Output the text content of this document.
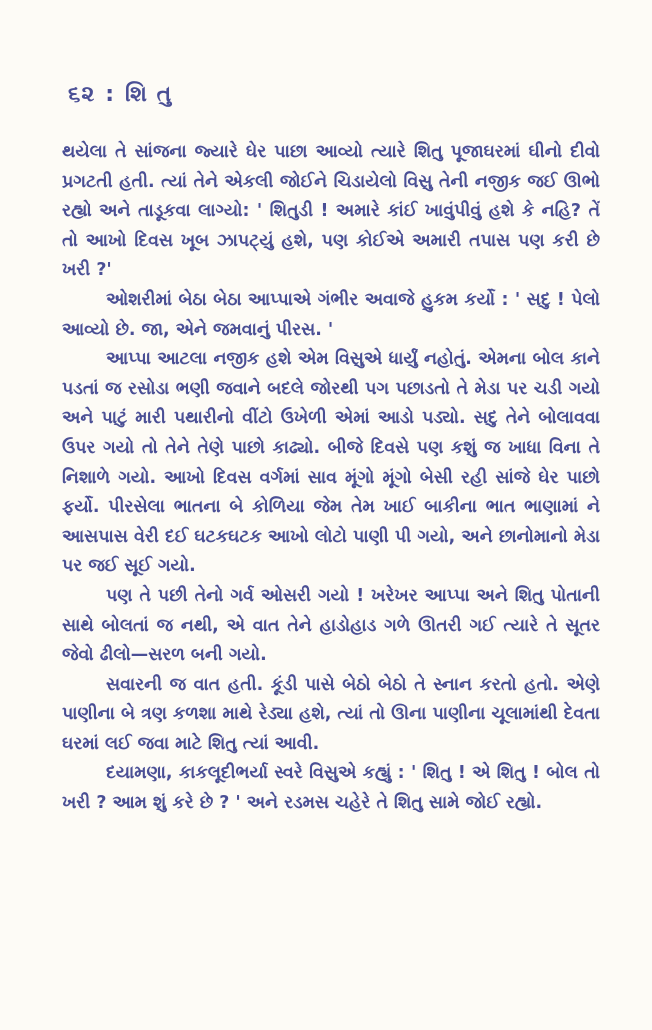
૬૨ : શિ તુ

થયેલા તે સાંજના જ્યારે ઘેર પાછા આવ્યો ત્યારે શિતુ પૂજાઘરમાં ઘીનો દીવો પ્રગટતી હતી. ત્યાં તેને એકલી જોઈને ચિડાયેલો વિસુ તેની નજીક જઈ ઊભો રહ્યો અને તાડૂકવા લાગ્યો: ' શિતુડી ! અમારે કાંઈ ખાવુંપીવું હશે કે નહિ? તેં તો આખો દિવસ ખૂબ ઝાપટ્યું હશે, પણ કોઈએ અમારી તપાસ પણ કરી છે ખરી ?'

ઓશરીમાં બેઠા બેઠા આપ્પાએ ગંભીર અવાજે હુકમ કર્યો : ' સદુ ! પેલો આવ્યો છે. જા, એને જમવાનું પીરસ. '

આપ્પા આટલા નજીક હશે એમ વિસુએ ધાર્યું નહોતું. એમના બોલ કાને પડતાં જ રસોડા ભણી જવાને બદલે જોરથી પગ પછાડતો તે મેડા પર ચડી ગયો અને પાટું મારી પથારીનો વીંટો ઉખેળી એમાં આડો પડ્યો. સદુ તેને બોલાવવા ઉપર ગયો તો તેને તેણે પાછો કાઢ્યો. બીજે દિવસે પણ કશું જ ખાધા વિના તે નિશાળે ગયો. આખો દિવસ વર્ગમાં સાવ મૂંગો મૂંગો બેસી રહી સાંજે ઘેર પાછો ફર્યો. પીરસેલા ભાતના બે કોળિયા જેમ તેમ ખાઈ બાકીના ભાત ભાણામાં ને આસપાસ વેરી દઈ ઘટકઘટક આખો લોટો પાણી પી ગયો, અને છાનોમાનો મેડા પર જઈ સૂઈ ગયો.

પણ તે પછી તેનો ગર્વ ઓસરી ગયો ! ખરેખર આપ્પા અને શિતુ પોતાની સાથે બોલતાં જ નથી, એ વાત તેને હાડોહાડ ગળે ઊતરી ગઈ ત્યારે તે સૂતર જેવો ઢીલો—સરળ બની ગયો.

સવારની જ વાત હતી. કૂંડી પાસે બેઠો બેઠો તે સ્નાન કરતો હતો. એણે પાણીના બે ત્રણ કળશા માથે રેડ્યા હશે, ત્યાં તો ઊના પાણીના ચૂલામાંથી દેવતા ઘરમાં લઈ જવા માટે શિતુ ત્યાં આવી.

દયામણા, કાકલૂદીભર્યા સ્વરે વિસુએ કહ્યું : ' શિતુ ! એ શિતુ ! બોલ તો ખરી ? આમ શું કરે છે ? ' અને રડમસ ચહેરે તે શિતુ સામે જોઈ રહ્યો.
